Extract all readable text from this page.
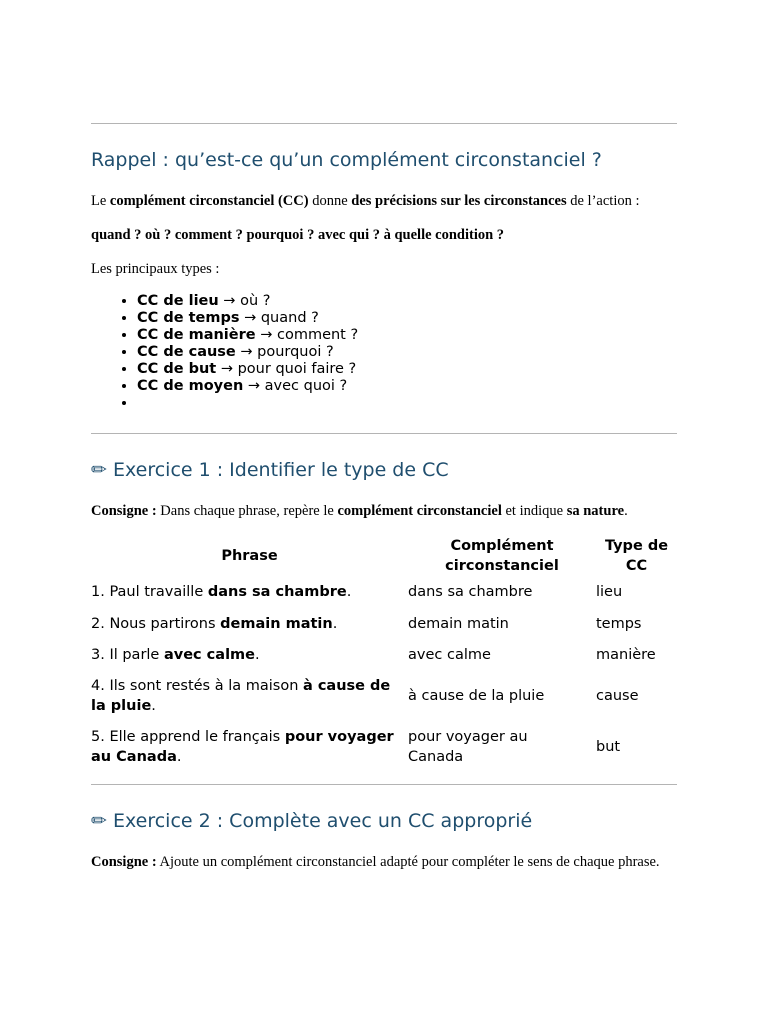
Rappel : qu’est-ce qu’un complément circonstanciel ?
Le complément circonstanciel (CC) donne des précisions sur les circonstances de l’action :
quand ? où ? comment ? pourquoi ? avec qui ? à quelle condition ?
Les principaux types :
• CC de lieu → où ?
• CC de temps → quand ?
• CC de manière → comment ?
• CC de cause → pourquoi ?
• CC de but → pour quoi faire ?
• CC de moyen → avec quoi ?
•
✏ Exercice 1 : Identifier le type de CC
Consigne : Dans chaque phrase, repère le complément circonstanciel et indique sa nature.
Phrase	Complément circonstanciel	Type de CC
1. Paul travaille dans sa chambre.	dans sa chambre	lieu
2. Nous partirons demain matin.	demain matin	temps
3. Il parle avec calme.	avec calme	manière
4. Ils sont restés à la maison à cause de la pluie.	à cause de la pluie	cause
5. Elle apprend le français pour voyager au Canada.	pour voyager au Canada	but
✏ Exercice 2 : Complète avec un CC approprié
Consigne : Ajoute un complément circonstanciel adapté pour compléter le sens de chaque phrase.
